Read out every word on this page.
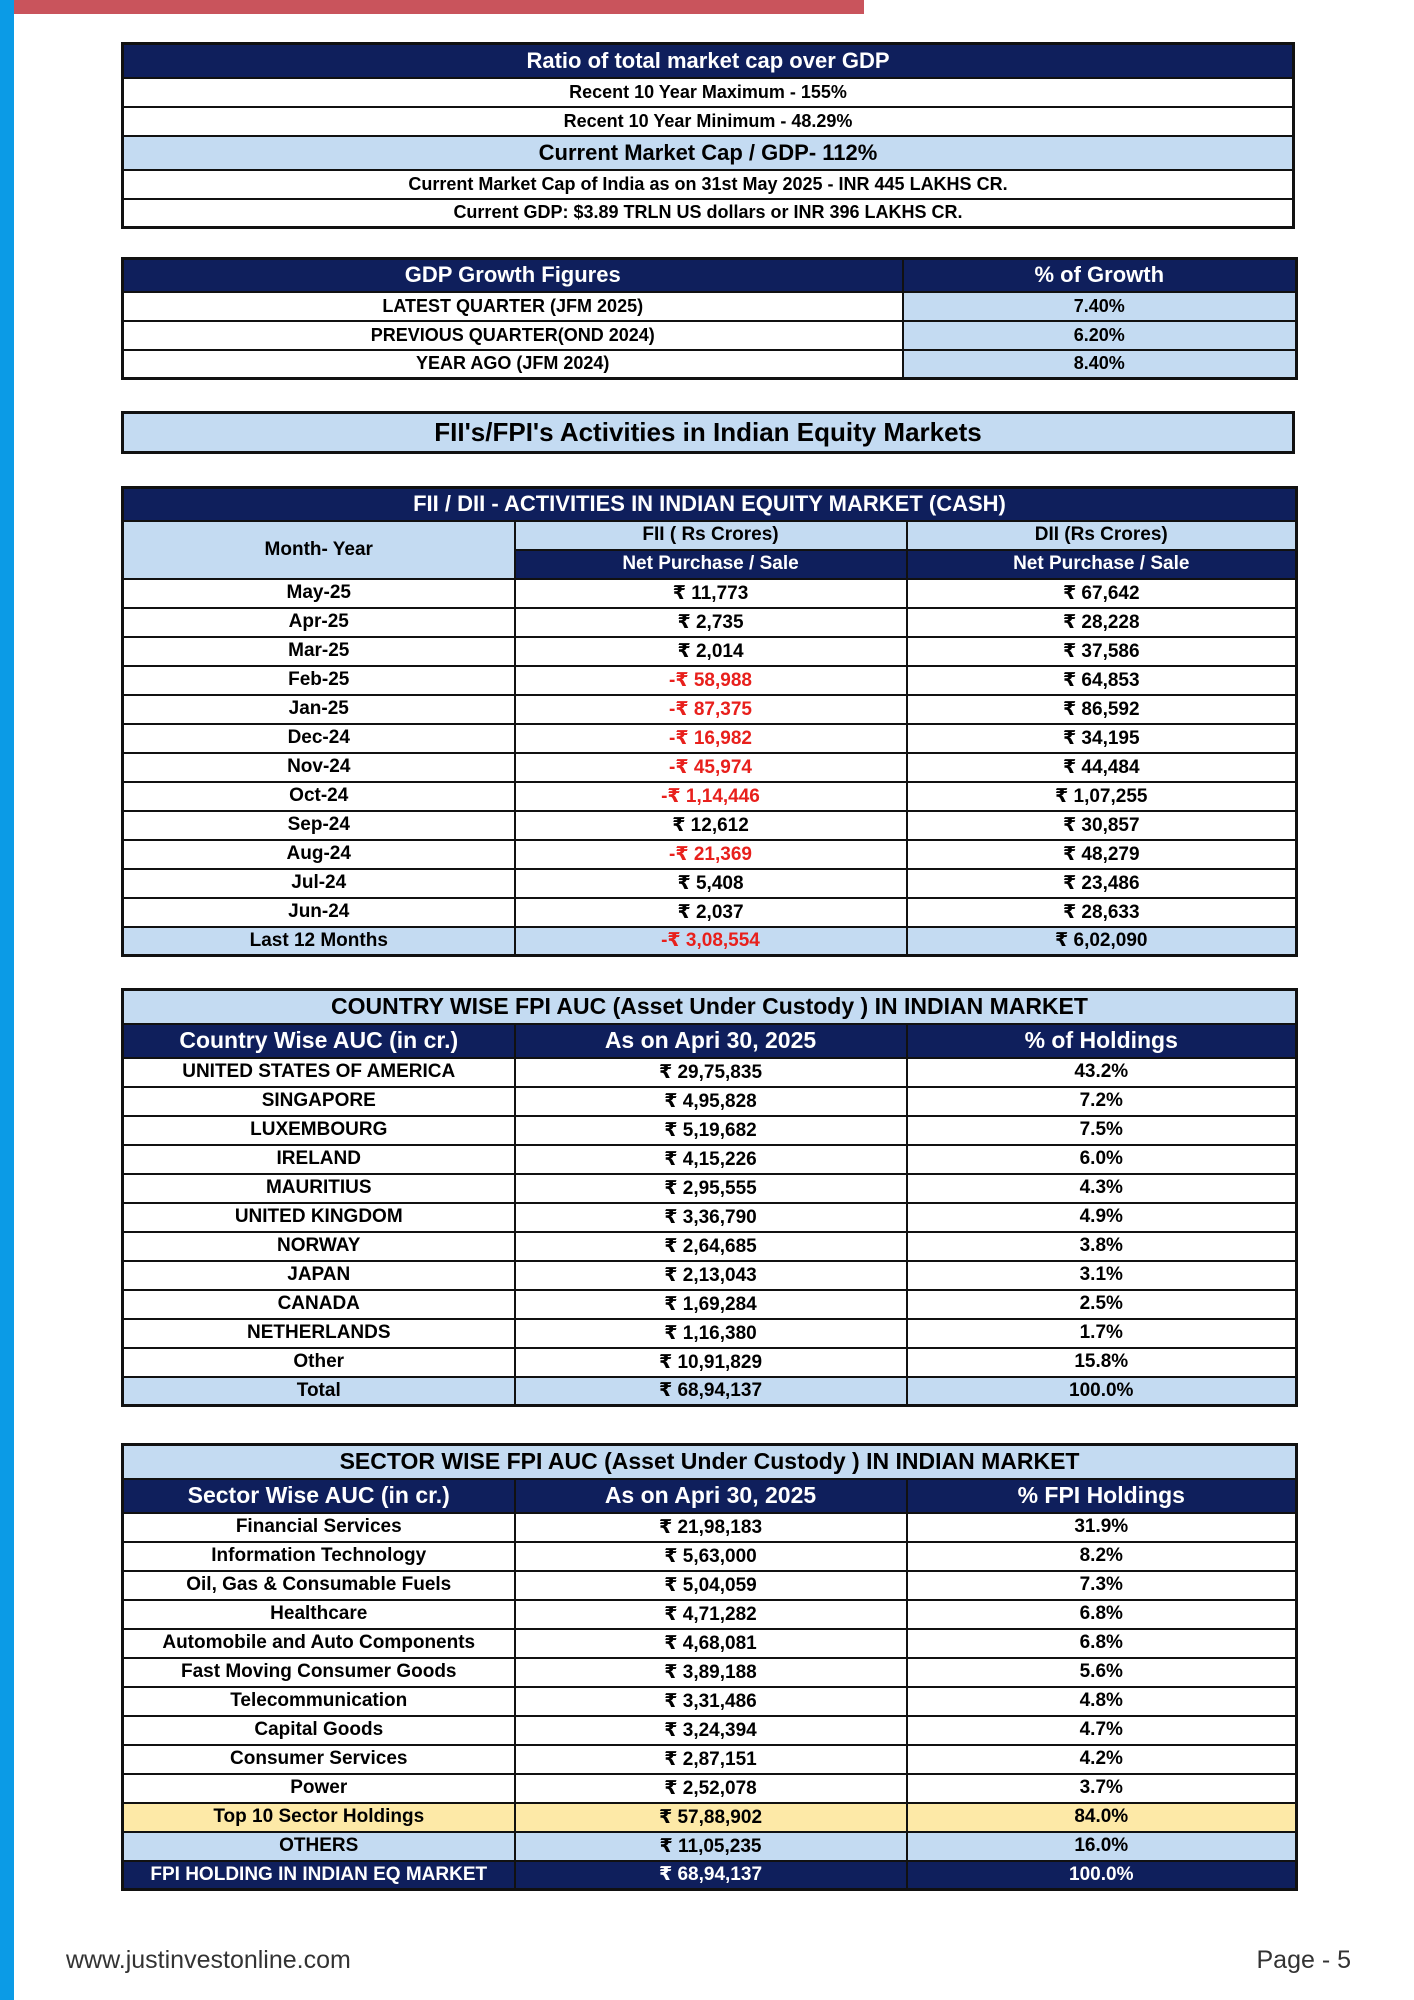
Ratio of total market cap over GDP
Recent 10 Year Maximum - 155%
Recent 10 Year Minimum - 48.29%
Current Market Cap / GDP- 112%
Current Market Cap of India as on 31st May 2025 - INR 445 LAKHS CR.
Current GDP: $3.89 TRLN US dollars or INR 396 LAKHS CR.
GDP Growth Figures	% of Growth
LATEST QUARTER (JFM 2025)	7.40%
PREVIOUS QUARTER(OND 2024)	6.20%
YEAR AGO (JFM 2024)	8.40%
FII's/FPI's Activities in Indian Equity Markets
FII / DII - ACTIVITIES IN INDIAN EQUITY MARKET (CASH)		
Month- Year	FII ( Rs Crores)	DII (Rs Crores)
	Net Purchase / Sale	Net Purchase / Sale
May-25	₹ 11,773	₹ 67,642
Apr-25	₹ 2,735	₹ 28,228
Mar-25	₹ 2,014	₹ 37,586
Feb-25	-₹ 58,988	₹ 64,853
Jan-25	-₹ 87,375	₹ 86,592
Dec-24	-₹ 16,982	₹ 34,195
Nov-24	-₹ 45,974	₹ 44,484
Oct-24	-₹ 1,14,446	₹ 1,07,255
Sep-24	₹ 12,612	₹ 30,857
Aug-24	-₹ 21,369	₹ 48,279
Jul-24	₹ 5,408	₹ 23,486
Jun-24	₹ 2,037	₹ 28,633
Last 12 Months	-₹ 3,08,554	₹ 6,02,090
COUNTRY WISE FPI AUC (Asset Under Custody ) IN INDIAN MARKET		
Country Wise AUC (in cr.)	As on Apri 30, 2025	% of Holdings
UNITED STATES OF AMERICA	₹ 29,75,835	43.2%
SINGAPORE	₹ 4,95,828	7.2%
LUXEMBOURG	₹ 5,19,682	7.5%
IRELAND	₹ 4,15,226	6.0%
MAURITIUS	₹ 2,95,555	4.3%
UNITED KINGDOM	₹ 3,36,790	4.9%
NORWAY	₹ 2,64,685	3.8%
JAPAN	₹ 2,13,043	3.1%
CANADA	₹ 1,69,284	2.5%
NETHERLANDS	₹ 1,16,380	1.7%
Other	₹ 10,91,829	15.8%
Total	₹ 68,94,137	100.0%
SECTOR WISE FPI AUC (Asset Under Custody ) IN INDIAN MARKET		
Sector Wise AUC (in cr.)	As on Apri 30, 2025	% FPI Holdings
Financial Services	₹ 21,98,183	31.9%
Information Technology	₹ 5,63,000	8.2%
Oil, Gas & Consumable Fuels	₹ 5,04,059	7.3%
Healthcare	₹ 4,71,282	6.8%
Automobile and Auto Components	₹ 4,68,081	6.8%
Fast Moving Consumer Goods	₹ 3,89,188	5.6%
Telecommunication	₹ 3,31,486	4.8%
Capital Goods	₹ 3,24,394	4.7%
Consumer Services	₹ 2,87,151	4.2%
Power	₹ 2,52,078	3.7%
Top 10 Sector Holdings	₹ 57,88,902	84.0%
OTHERS	₹ 11,05,235	16.0%
FPI HOLDING IN INDIAN EQ MARKET	₹ 68,94,137	100.0%
www.justinvestonline.com	Page - 5
